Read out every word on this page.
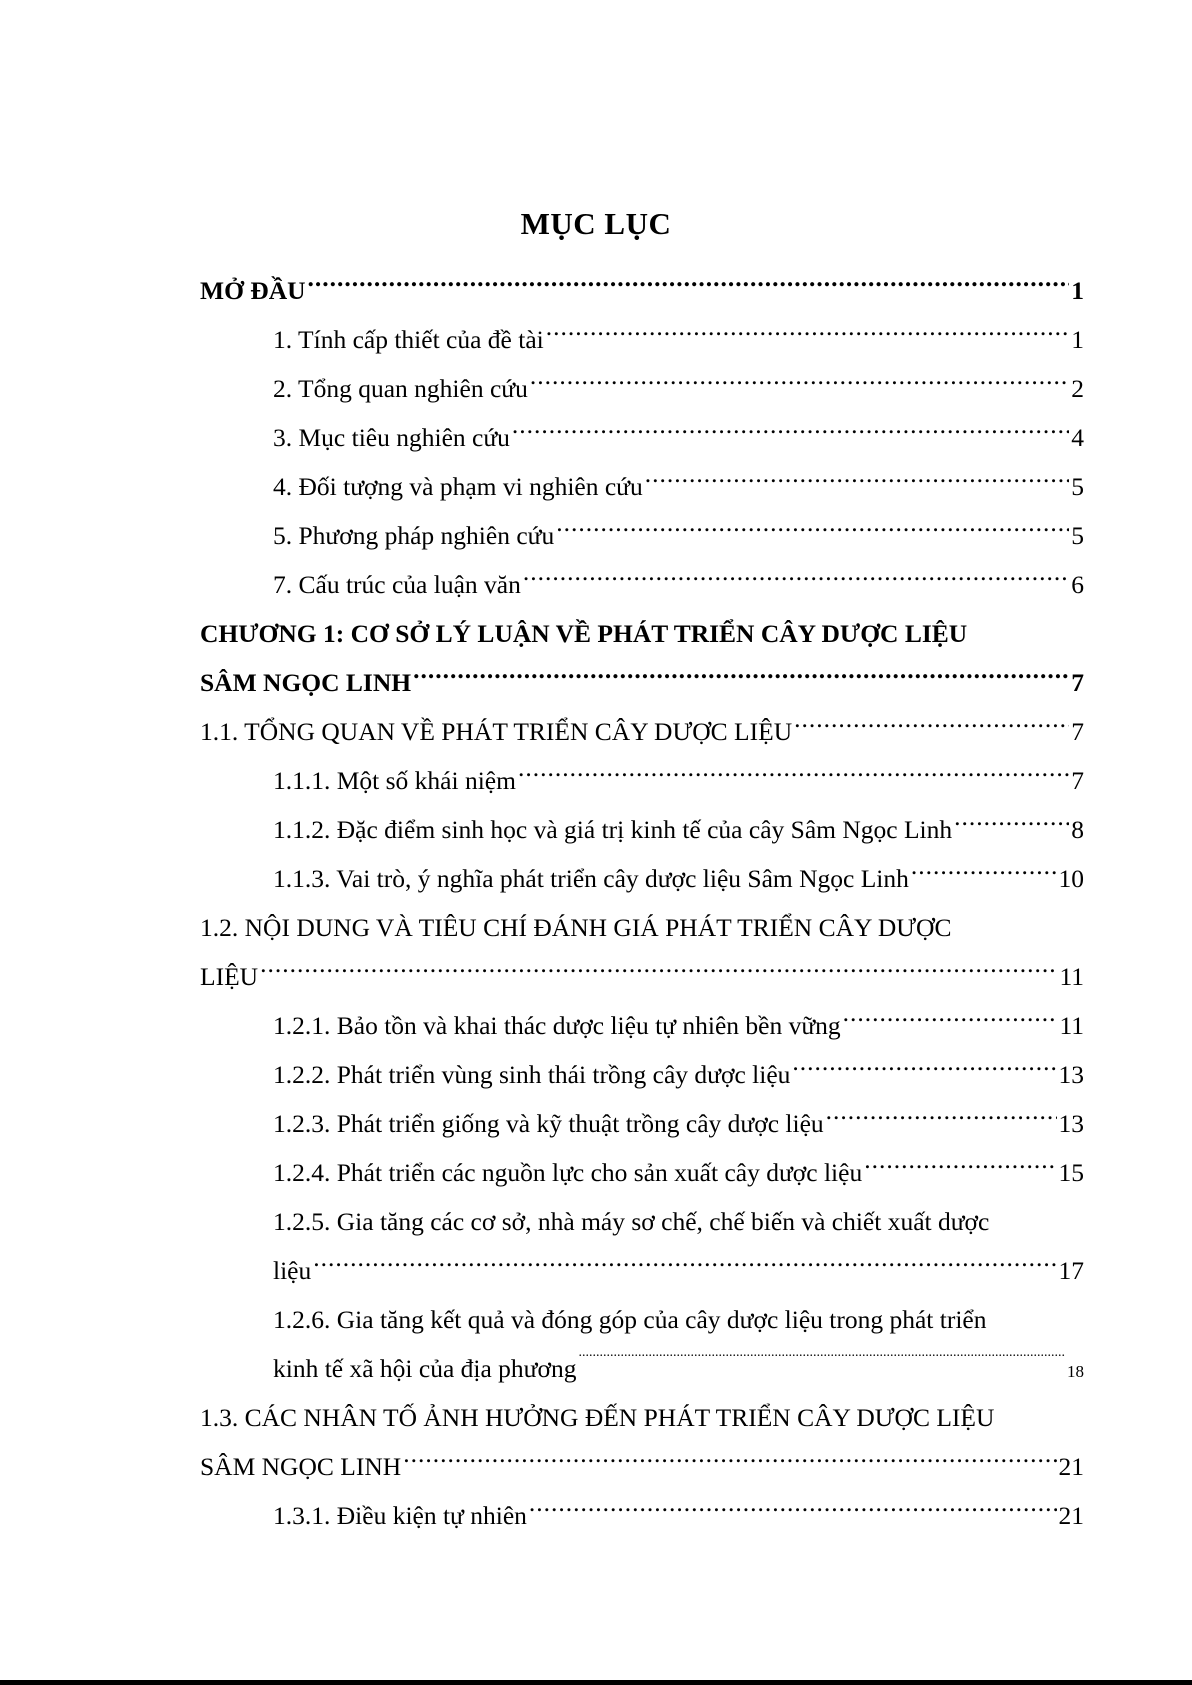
MỤC LỤC
MỞ ĐẦU .....	1
1. Tính cấp thiết của đề tài .....	1
2. Tổng quan nghiên cứu .....	2
3. Mục tiêu nghiên cứu .....	4
4. Đối tượng và phạm vi nghiên cứu .....	5
5. Phương pháp nghiên cứu .....	5
7. Cấu trúc của luận văn .....	6
CHƯƠNG 1: CƠ SỞ LÝ LUẬN VỀ PHÁT TRIỂN CÂY DƯỢC LIỆU
SÂM NGỌC LINH .....	7
1.1. TỔNG QUAN VỀ PHÁT TRIỂN CÂY DƯỢC LIỆU .....	7
1.1.1. Một số khái niệm .....	7
1.1.2. Đặc điểm sinh học và giá trị kinh tế của cây Sâm Ngọc Linh .....	8
1.1.3. Vai trò, ý nghĩa phát triển cây dược liệu Sâm Ngọc Linh .....	10
1.2. NỘI DUNG VÀ TIÊU CHÍ ĐÁNH GIÁ PHÁT TRIỂN CÂY DƯỢC
LIỆU .....	11
1.2.1. Bảo tồn và khai thác dược liệu tự nhiên bền vững .....	11
1.2.2. Phát triển vùng sinh thái trồng cây dược liệu .....	13
1.2.3. Phát triển giống và kỹ thuật trồng cây dược liệu .....	13
1.2.4. Phát triển các nguồn lực cho sản xuất cây dược liệu .....	15
1.2.5. Gia tăng các cơ sở, nhà máy sơ chế, chế biến và chiết xuất dược
liệu .....	17
1.2.6. Gia tăng kết quả và đóng góp của cây dược liệu trong phát triển
kinh tế xã hội của địa phương .....	18
1.3. CÁC NHÂN TỐ ẢNH HƯỞNG ĐẾN PHÁT TRIỂN CÂY DƯỢC LIỆU
SÂM NGỌC LINH .....	21
1.3.1. Điều kiện tự nhiên .....	21
